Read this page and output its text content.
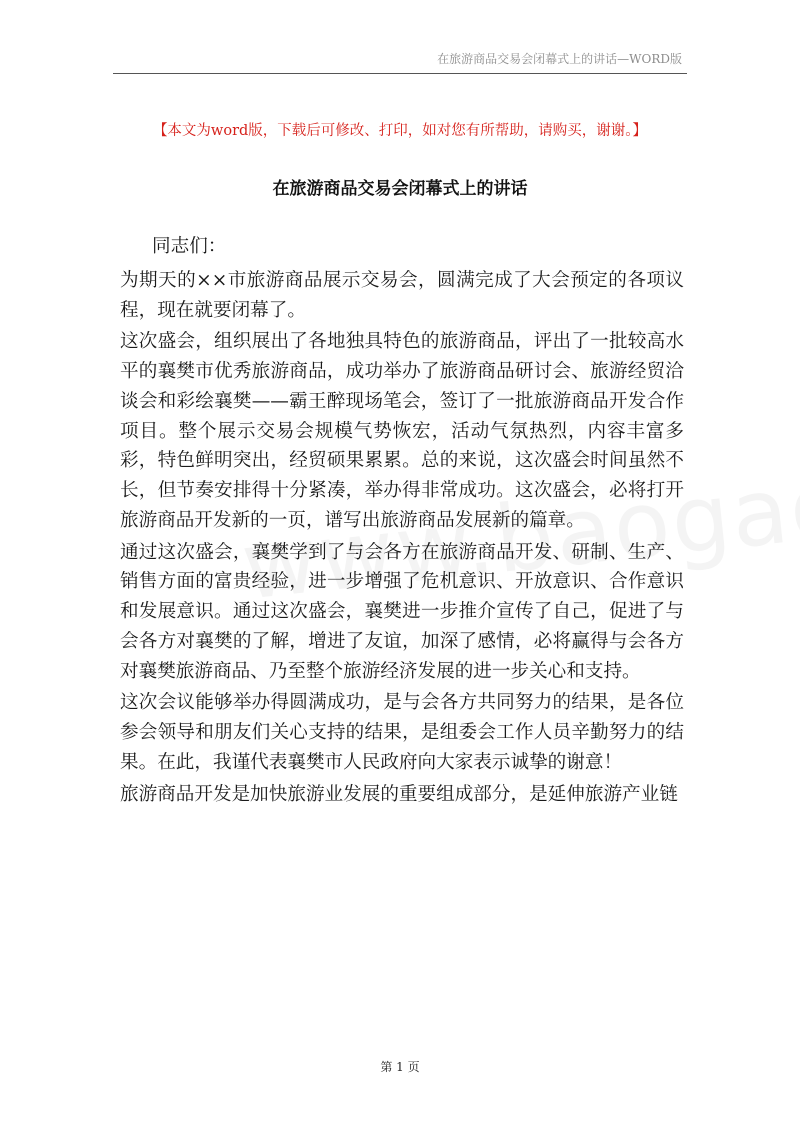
在旅游商品交易会闭幕式上的讲话—WORD版
【本文为word版，下载后可修改、打印，如对您有所帮助，请购买，谢谢。】
在旅游商品交易会闭幕式上的讲话

同志们：

为期天的××市旅游商品展示交易会，圆满完成了大会预定的各项议程，现在就要闭幕了。

这次盛会，组织展出了各地独具特色的旅游商品，评出了一批较高水平的襄樊市优秀旅游商品，成功举办了旅游商品研讨会、旅游经贸洽谈会和彩绘襄樊——霸王醉现场笔会，签订了一批旅游商品开发合作项目。整个展示交易会规模气势恢宏，活动气氛热烈，内容丰富多彩，特色鲜明突出，经贸硕果累累。总的来说，这次盛会时间虽然不长，但节奏安排得十分紧凑，举办得非常成功。这次盛会，必将打开旅游商品开发新的一页，谱写出旅游商品发展新的篇章。

通过这次盛会，襄樊学到了与会各方在旅游商品开发、研制、生产、销售方面的富贵经验，进一步增强了危机意识、开放意识、合作意识和发展意识。通过这次盛会，襄樊进一步推介宣传了自己，促进了与会各方对襄樊的了解，增进了友谊，加深了感情，必将赢得与会各方对襄樊旅游商品、乃至整个旅游经济发展的进一步关心和支持。

这次会议能够举办得圆满成功，是与会各方共同努力的结果，是各位参会领导和朋友们关心支持的结果，是组委会工作人员辛勤努力的结果。在此，我谨代表襄樊市人民政府向大家表示诚挚的谢意！

旅游商品开发是加快旅游业发展的重要组成部分，是延伸旅游产业链

第 1 页
